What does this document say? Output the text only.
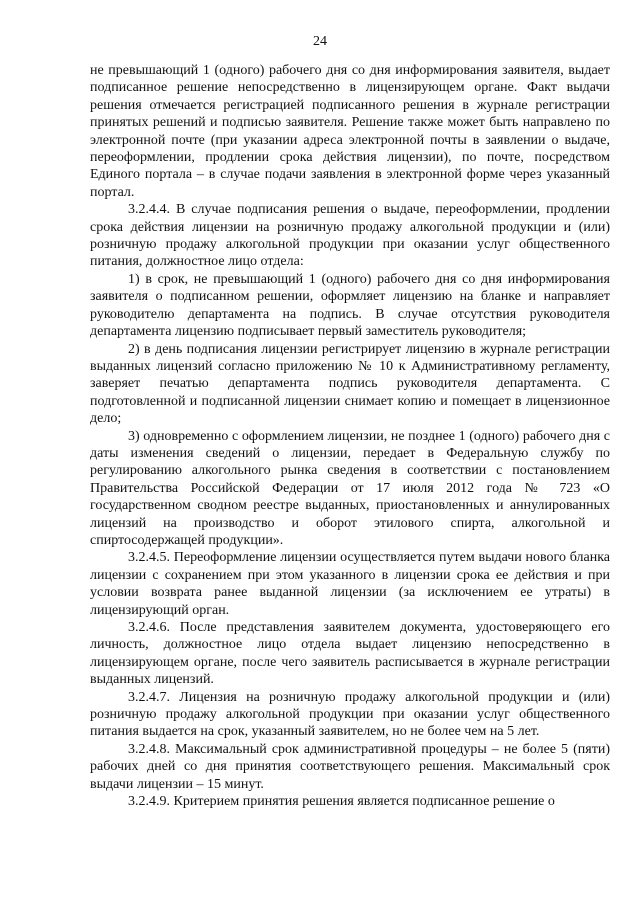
24

не превышающий 1 (одного) рабочего дня со дня информирования заявителя, выдает подписанное решение непосредственно в лицензирующем органе. Факт выдачи решения отмечается регистрацией подписанного решения в журнале регистрации принятых решений и подписью заявителя. Решение также может быть направлено по электронной почте (при указании адреса электронной почты в заявлении о выдаче, переоформлении, продлении срока действия лицензии), по почте, посредством Единого портала – в случае подачи заявления в электронной форме через указанный портал.

3.2.4.4. В случае подписания решения о выдаче, переоформлении, продлении срока действия лицензии на розничную продажу алкогольной продукции и (или) розничную продажу алкогольной продукции при оказании услуг общественного питания, должностное лицо отдела:

1) в срок, не превышающий 1 (одного) рабочего дня со дня информирования заявителя о подписанном решении, оформляет лицензию на бланке и направляет руководителю департамента на подпись. В случае отсутствия руководителя департамента лицензию подписывает первый заместитель руководителя;

2) в день подписания лицензии регистрирует лицензию в журнале регистрации выданных лицензий согласно приложению № 10 к Административному регламенту, заверяет печатью департамента подпись руководителя департамента. С подготовленной и подписанной лицензии снимает копию и помещает в лицензионное дело;

3) одновременно с оформлением лицензии, не позднее 1 (одного) рабочего дня с даты изменения сведений о лицензии, передает в Федеральную службу по регулированию алкогольного рынка сведения в соответствии с постановлением Правительства Российской Федерации от 17 июля 2012 года № 723 «О государственном сводном реестре выданных, приостановленных и аннулированных лицензий на производство и оборот этилового спирта, алкогольной и спиртосодержащей продукции».

3.2.4.5. Переоформление лицензии осуществляется путем выдачи нового бланка лицензии с сохранением при этом указанного в лицензии срока ее действия и при условии возврата ранее выданной лицензии (за исключением ее утраты) в лицензирующий орган.

3.2.4.6. После представления заявителем документа, удостоверяющего его личность, должностное лицо отдела выдает лицензию непосредственно в лицензирующем органе, после чего заявитель расписывается в журнале регистрации выданных лицензий.

3.2.4.7. Лицензия на розничную продажу алкогольной продукции и (или) розничную продажу алкогольной продукции при оказании услуг общественного питания выдается на срок, указанный заявителем, но не более чем на 5 лет.

3.2.4.8. Максимальный срок административной процедуры – не более 5 (пяти) рабочих дней со дня принятия соответствующего решения. Максимальный срок выдачи лицензии – 15 минут.

3.2.4.9. Критерием принятия решения является подписанное решение о
